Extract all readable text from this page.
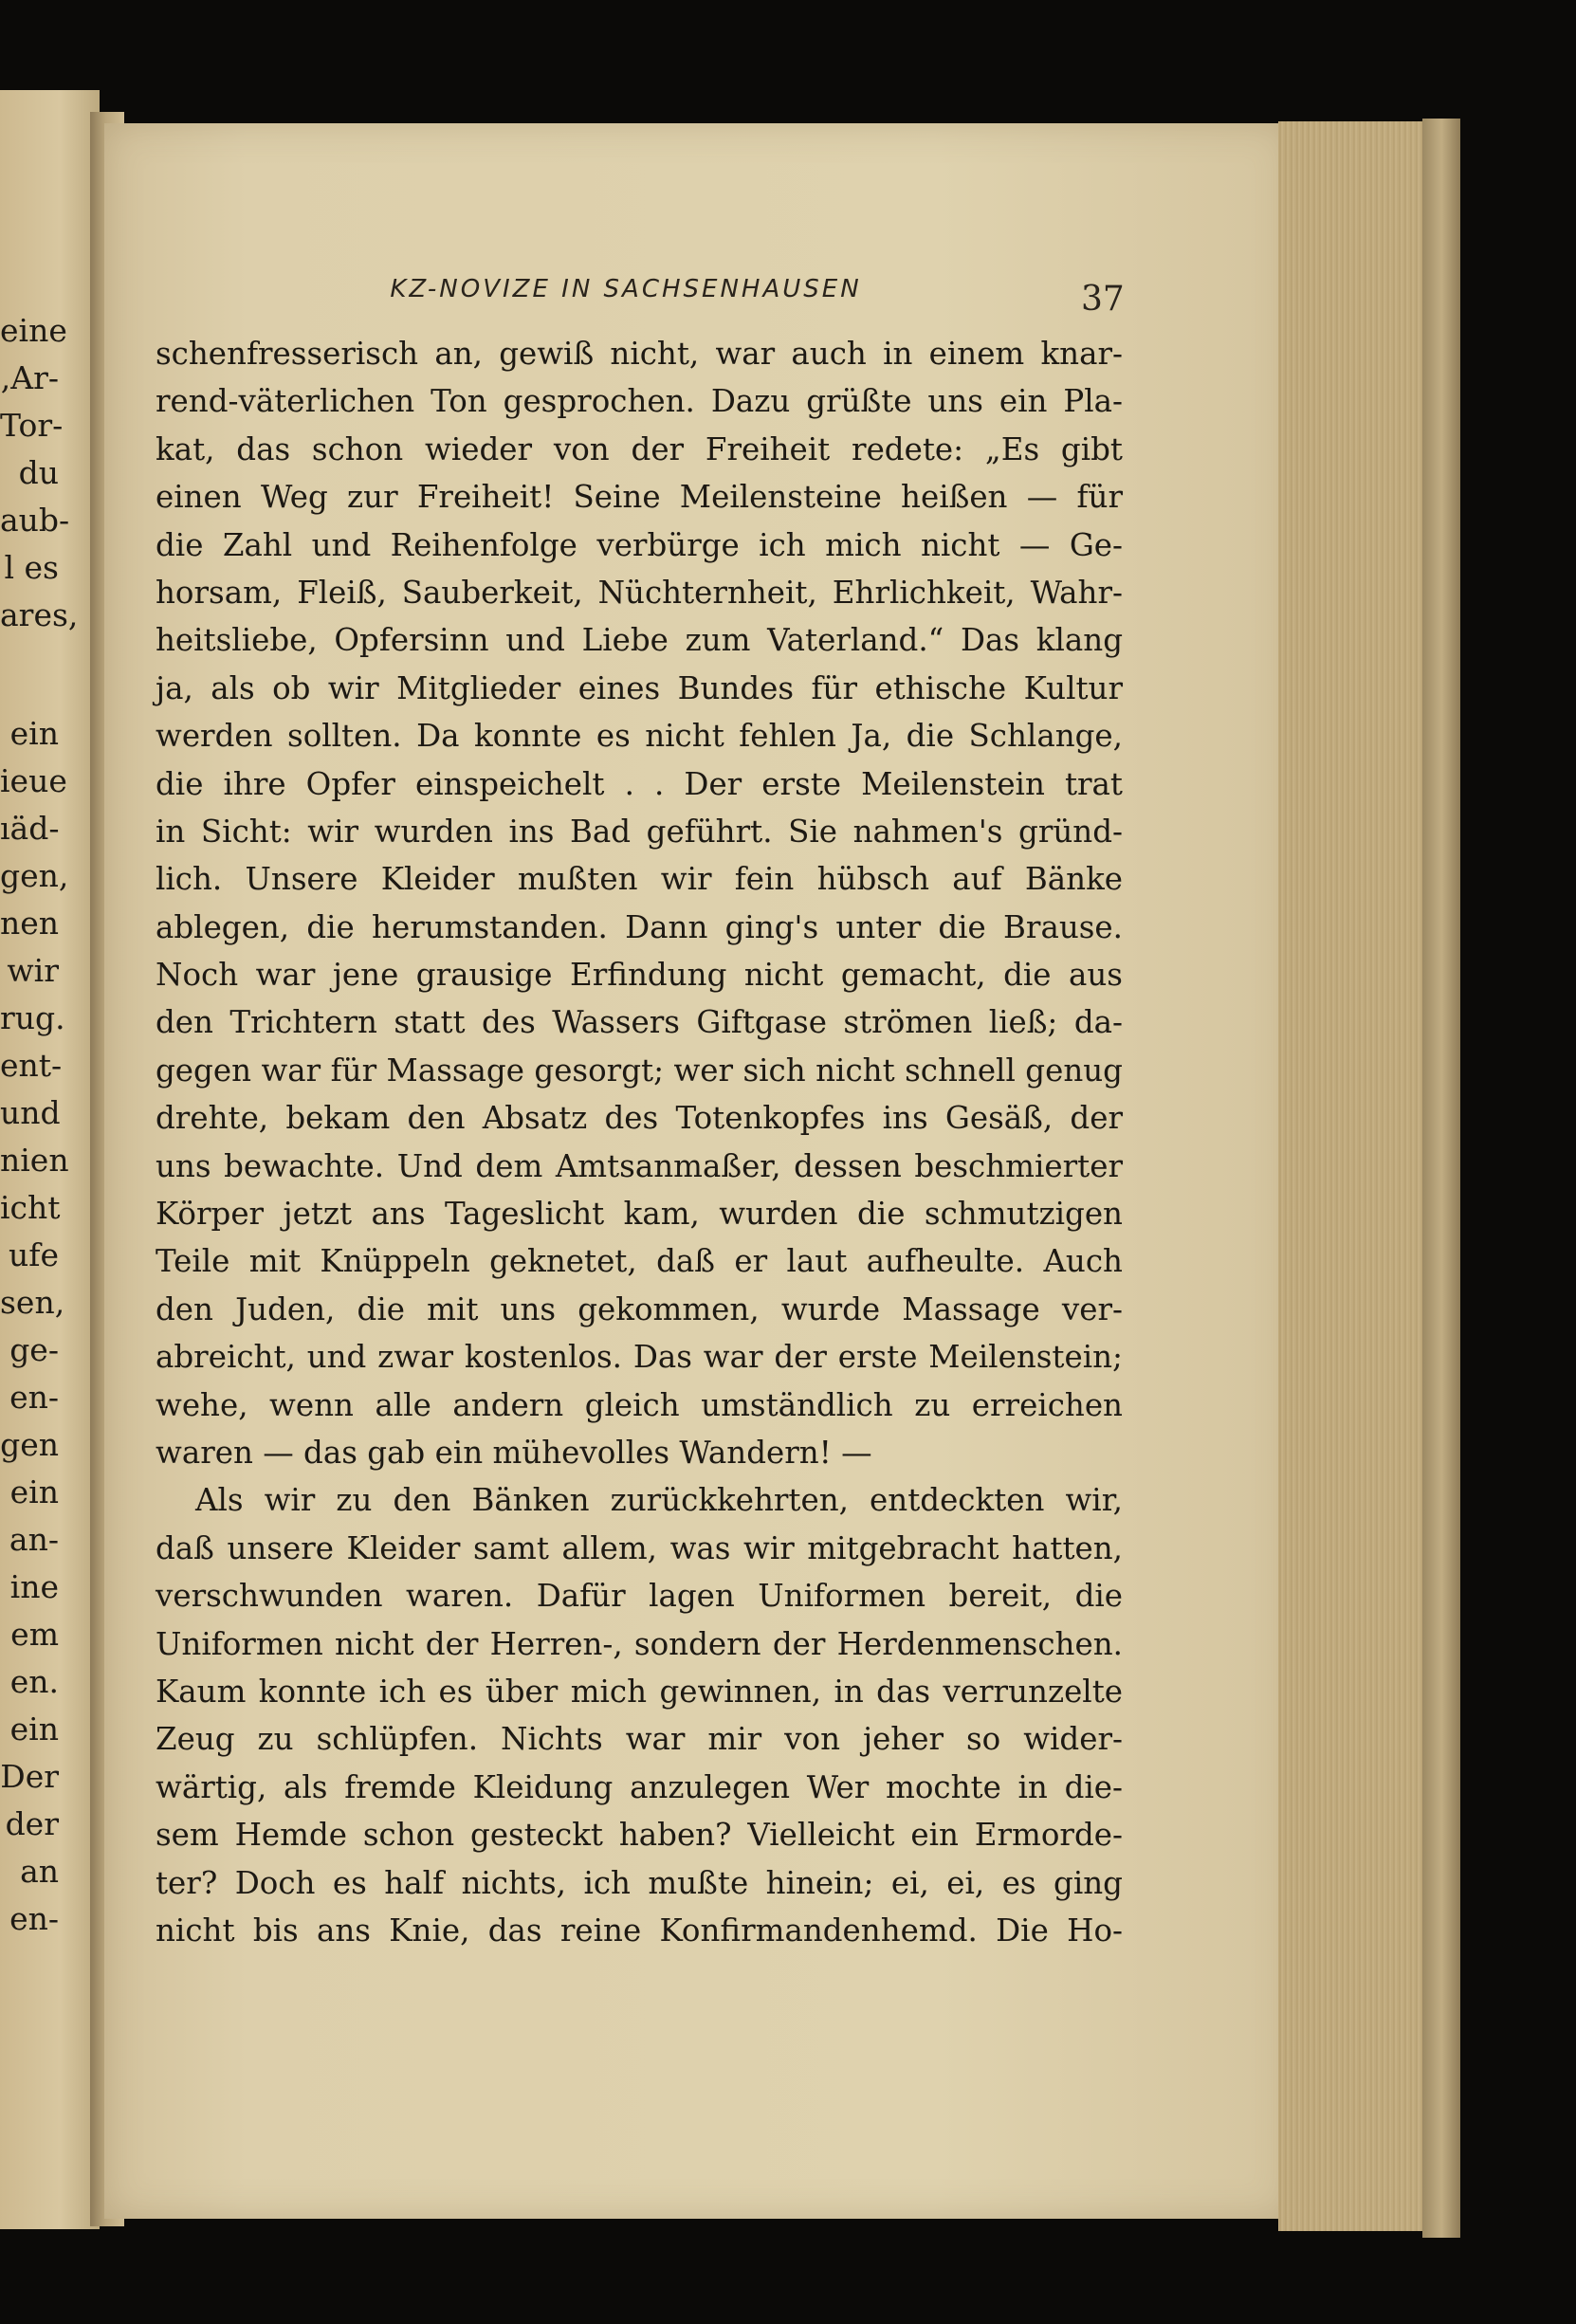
eine
,Ar-
Tor-
du
aub-
l es
ares,
ein
ieue
ıäd-
gen,
nen
wir
rug.
ent-
und
nien
icht
ufe
sen,
ge-
en-
gen
ein
an-
ine
em
en.
ein
Der
der
an
en-
KZ-NOVIZE IN SACHSENHAUSEN	37
schenfresserisch an, gewiß nicht, war auch in einem knar-
rend-väterlichen Ton gesprochen. Dazu grüßte uns ein Pla-
kat, das schon wieder von der Freiheit redete: „Es gibt
einen Weg zur Freiheit! Seine Meilensteine heißen — für
die Zahl und Reihenfolge verbürge ich mich nicht — Ge-
horsam, Fleiß, Sauberkeit, Nüchternheit, Ehrlichkeit, Wahr-
heitsliebe, Opfersinn und Liebe zum Vaterland.“ Das klang
ja, als ob wir Mitglieder eines Bundes für ethische Kultur
werden sollten. Da konnte es nicht fehlen Ja, die Schlange,
die ihre Opfer einspeichelt . . Der erste Meilenstein trat
in Sicht: wir wurden ins Bad geführt. Sie nahmen's gründ-
lich. Unsere Kleider mußten wir fein hübsch auf Bänke
ablegen, die herumstanden. Dann ging's unter die Brause.
Noch war jene grausige Erfindung nicht gemacht, die aus
den Trichtern statt des Wassers Giftgase strömen ließ; da-
gegen war für Massage gesorgt; wer sich nicht schnell genug
drehte, bekam den Absatz des Totenkopfes ins Gesäß, der
uns bewachte. Und dem Amtsanmaßer, dessen beschmierter
Körper jetzt ans Tageslicht kam, wurden die schmutzigen
Teile mit Knüppeln geknetet, daß er laut aufheulte. Auch
den Juden, die mit uns gekommen, wurde Massage ver-
abreicht, und zwar kostenlos. Das war der erste Meilenstein;
wehe, wenn alle andern gleich umständlich zu erreichen
waren — das gab ein mühevolles Wandern! —
Als wir zu den Bänken zurückkehrten, entdeckten wir,
daß unsere Kleider samt allem, was wir mitgebracht hatten,
verschwunden waren. Dafür lagen Uniformen bereit, die
Uniformen nicht der Herren-, sondern der Herdenmenschen.
Kaum konnte ich es über mich gewinnen, in das verrunzelte
Zeug zu schlüpfen. Nichts war mir von jeher so wider-
wärtig, als fremde Kleidung anzulegen Wer mochte in die-
sem Hemde schon gesteckt haben? Vielleicht ein Ermorde-
ter? Doch es half nichts, ich mußte hinein; ei, ei, es ging
nicht bis ans Knie, das reine Konfirmandenhemd. Die Ho-
